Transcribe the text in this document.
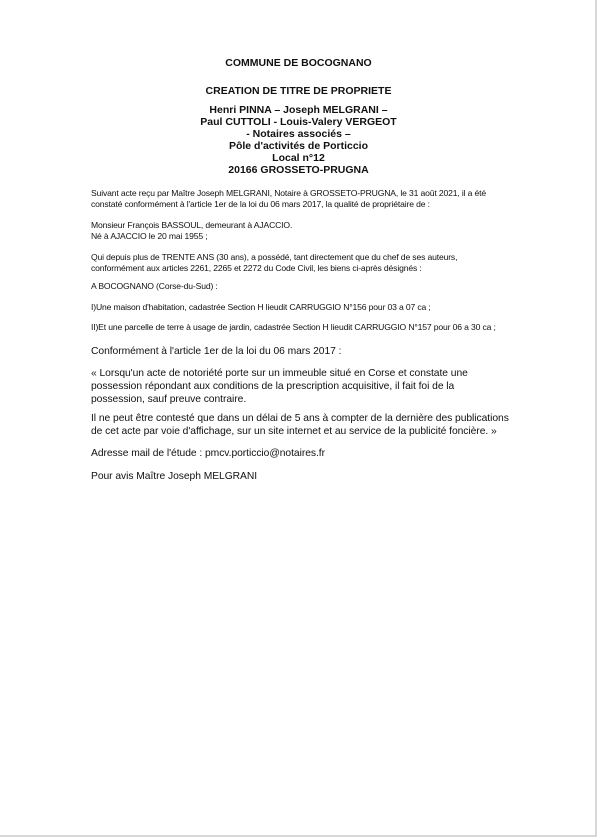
COMMUNE DE BOCOGNANO
CREATION DE TITRE DE PROPRIETE
Henri PINNA – Joseph MELGRANI –
Paul CUTTOLI - Louis-Valery VERGEOT
- Notaires associés –
Pôle d'activités de Porticcio
Local n°12
20166 GROSSETO-PRUGNA
Suivant acte reçu par Maître Joseph MELGRANI, Notaire à GROSSETO-PRUGNA, le 31 août 2021, il a été
constaté conformément à l'article 1er de la loi du 06 mars 2017, la qualité de propriétaire de :
Monsieur François BASSOUL, demeurant à AJACCIO.
Né à AJACCIO le 20 mai 1955 ;
Qui depuis plus de TRENTE ANS (30 ans), a possédé, tant directement que du chef de ses auteurs,
conformément aux articles 2261, 2265 et 2272 du Code Civil, les biens ci-après désignés :
A BOCOGNANO (Corse-du-Sud) :
I)Une maison d'habitation, cadastrée Section H lieudit CARRUGGIO N°156 pour 03 a 07 ca ;
II)Et une parcelle de terre à usage de jardin, cadastrée Section H lieudit CARRUGGIO N°157 pour 06 a 30 ca ;
Conformément à l'article 1er de la loi du 06 mars 2017 :
« Lorsqu'un acte de notoriété porte sur un immeuble situé en Corse et constate une
possession répondant aux conditions de la prescription acquisitive, il fait foi de la
possession, sauf preuve contraire.
Il ne peut être contesté que dans un délai de 5 ans à compter de la dernière des publications
de cet acte par voie d'affichage, sur un site internet et au service de la publicité foncière. »
Adresse mail de l'étude : pmcv.porticcio@notaires.fr
Pour avis Maître Joseph MELGRANI
